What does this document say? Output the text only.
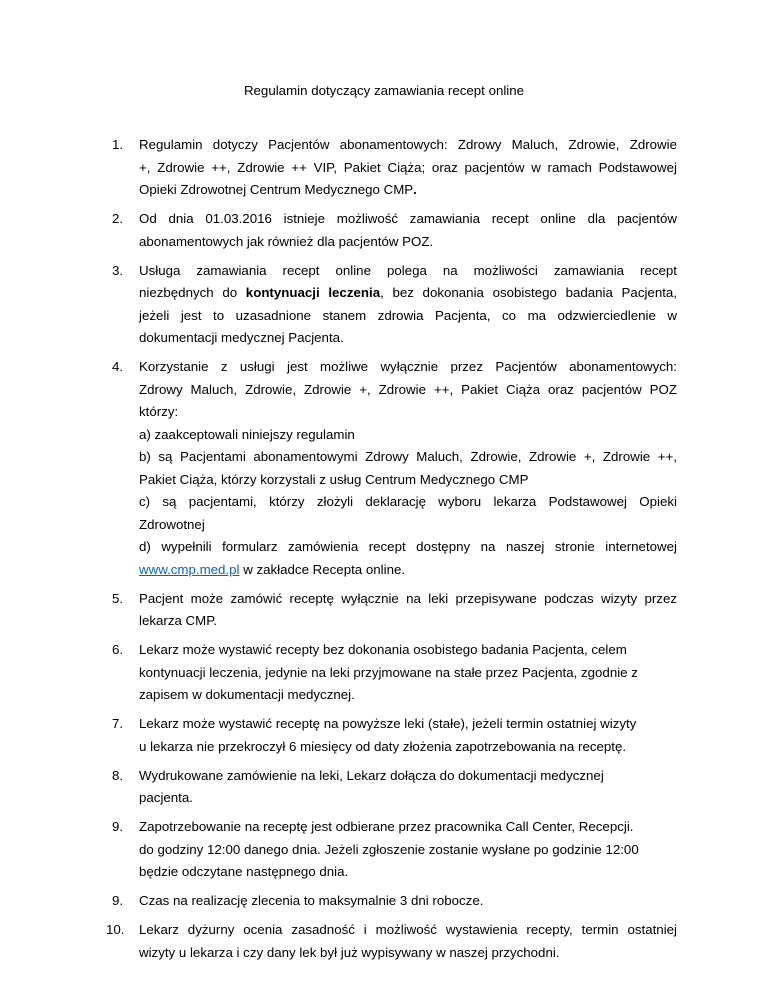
Regulamin dotyczący zamawiania recept online
1. Regulamin dotyczy Pacjentów abonamentowych: Zdrowy Maluch, Zdrowie, Zdrowie
+, Zdrowie ++, Zdrowie ++ VIP, Pakiet Ciąża; oraz pacjentów w ramach Podstawowej
Opieki Zdrowotnej Centrum Medycznego CMP.
2. Od dnia 01.03.2016 istnieje możliwość zamawiania recept online dla pacjentów
abonamentowych jak również dla pacjentów POZ.
3. Usługa zamawiania recept online polega na możliwości zamawiania recept
niezbędnych do kontynuacji leczenia, bez dokonania osobistego badania Pacjenta,
jeżeli jest to uzasadnione stanem zdrowia Pacjenta, co ma odzwierciedlenie w
dokumentacji medycznej Pacjenta.
4. Korzystanie z usługi jest możliwe wyłącznie przez Pacjentów abonamentowych:
Zdrowy Maluch, Zdrowie, Zdrowie +, Zdrowie ++, Pakiet Ciąża oraz pacjentów POZ
którzy:
a) zaakceptowali niniejszy regulamin
b) są Pacjentami abonamentowymi Zdrowy Maluch, Zdrowie, Zdrowie +, Zdrowie ++,
Pakiet Ciąża, którzy korzystali z usług Centrum Medycznego CMP
c) są pacjentami, którzy złożyli deklarację wyboru lekarza Podstawowej Opieki
Zdrowotnej
d) wypełnili formularz zamówienia recept dostępny na naszej stronie internetowej
www.cmp.med.pl w zakładce Recepta online.
5. Pacjent może zamówić receptę wyłącznie na leki przepisywane podczas wizyty przez
lekarza CMP.
6. Lekarz może wystawić recepty bez dokonania osobistego badania Pacjenta, celem
kontynuacji leczenia, jedynie na leki przyjmowane na stałe przez Pacjenta, zgodnie z
zapisem w dokumentacji medycznej.
7. Lekarz może wystawić receptę na powyższe leki (stałe), jeżeli termin ostatniej wizyty
u lekarza nie przekroczył 6 miesięcy od daty złożenia zapotrzebowania na receptę.
8. Wydrukowane zamówienie na leki, Lekarz dołącza do dokumentacji medycznej
pacjenta.
9. Zapotrzebowanie na receptę jest odbierane przez pracownika Call Center, Recepcji.
do godziny 12:00 danego dnia. Jeżeli zgłoszenie zostanie wysłane po godzinie 12:00
będzie odczytane następnego dnia.
9. Czas na realizację zlecenia to maksymalnie 3 dni robocze.
10. Lekarz dyżurny ocenia zasadność i możliwość wystawienia recepty, termin ostatniej
wizyty u lekarza i czy dany lek był już wypisywany w naszej przychodni.
